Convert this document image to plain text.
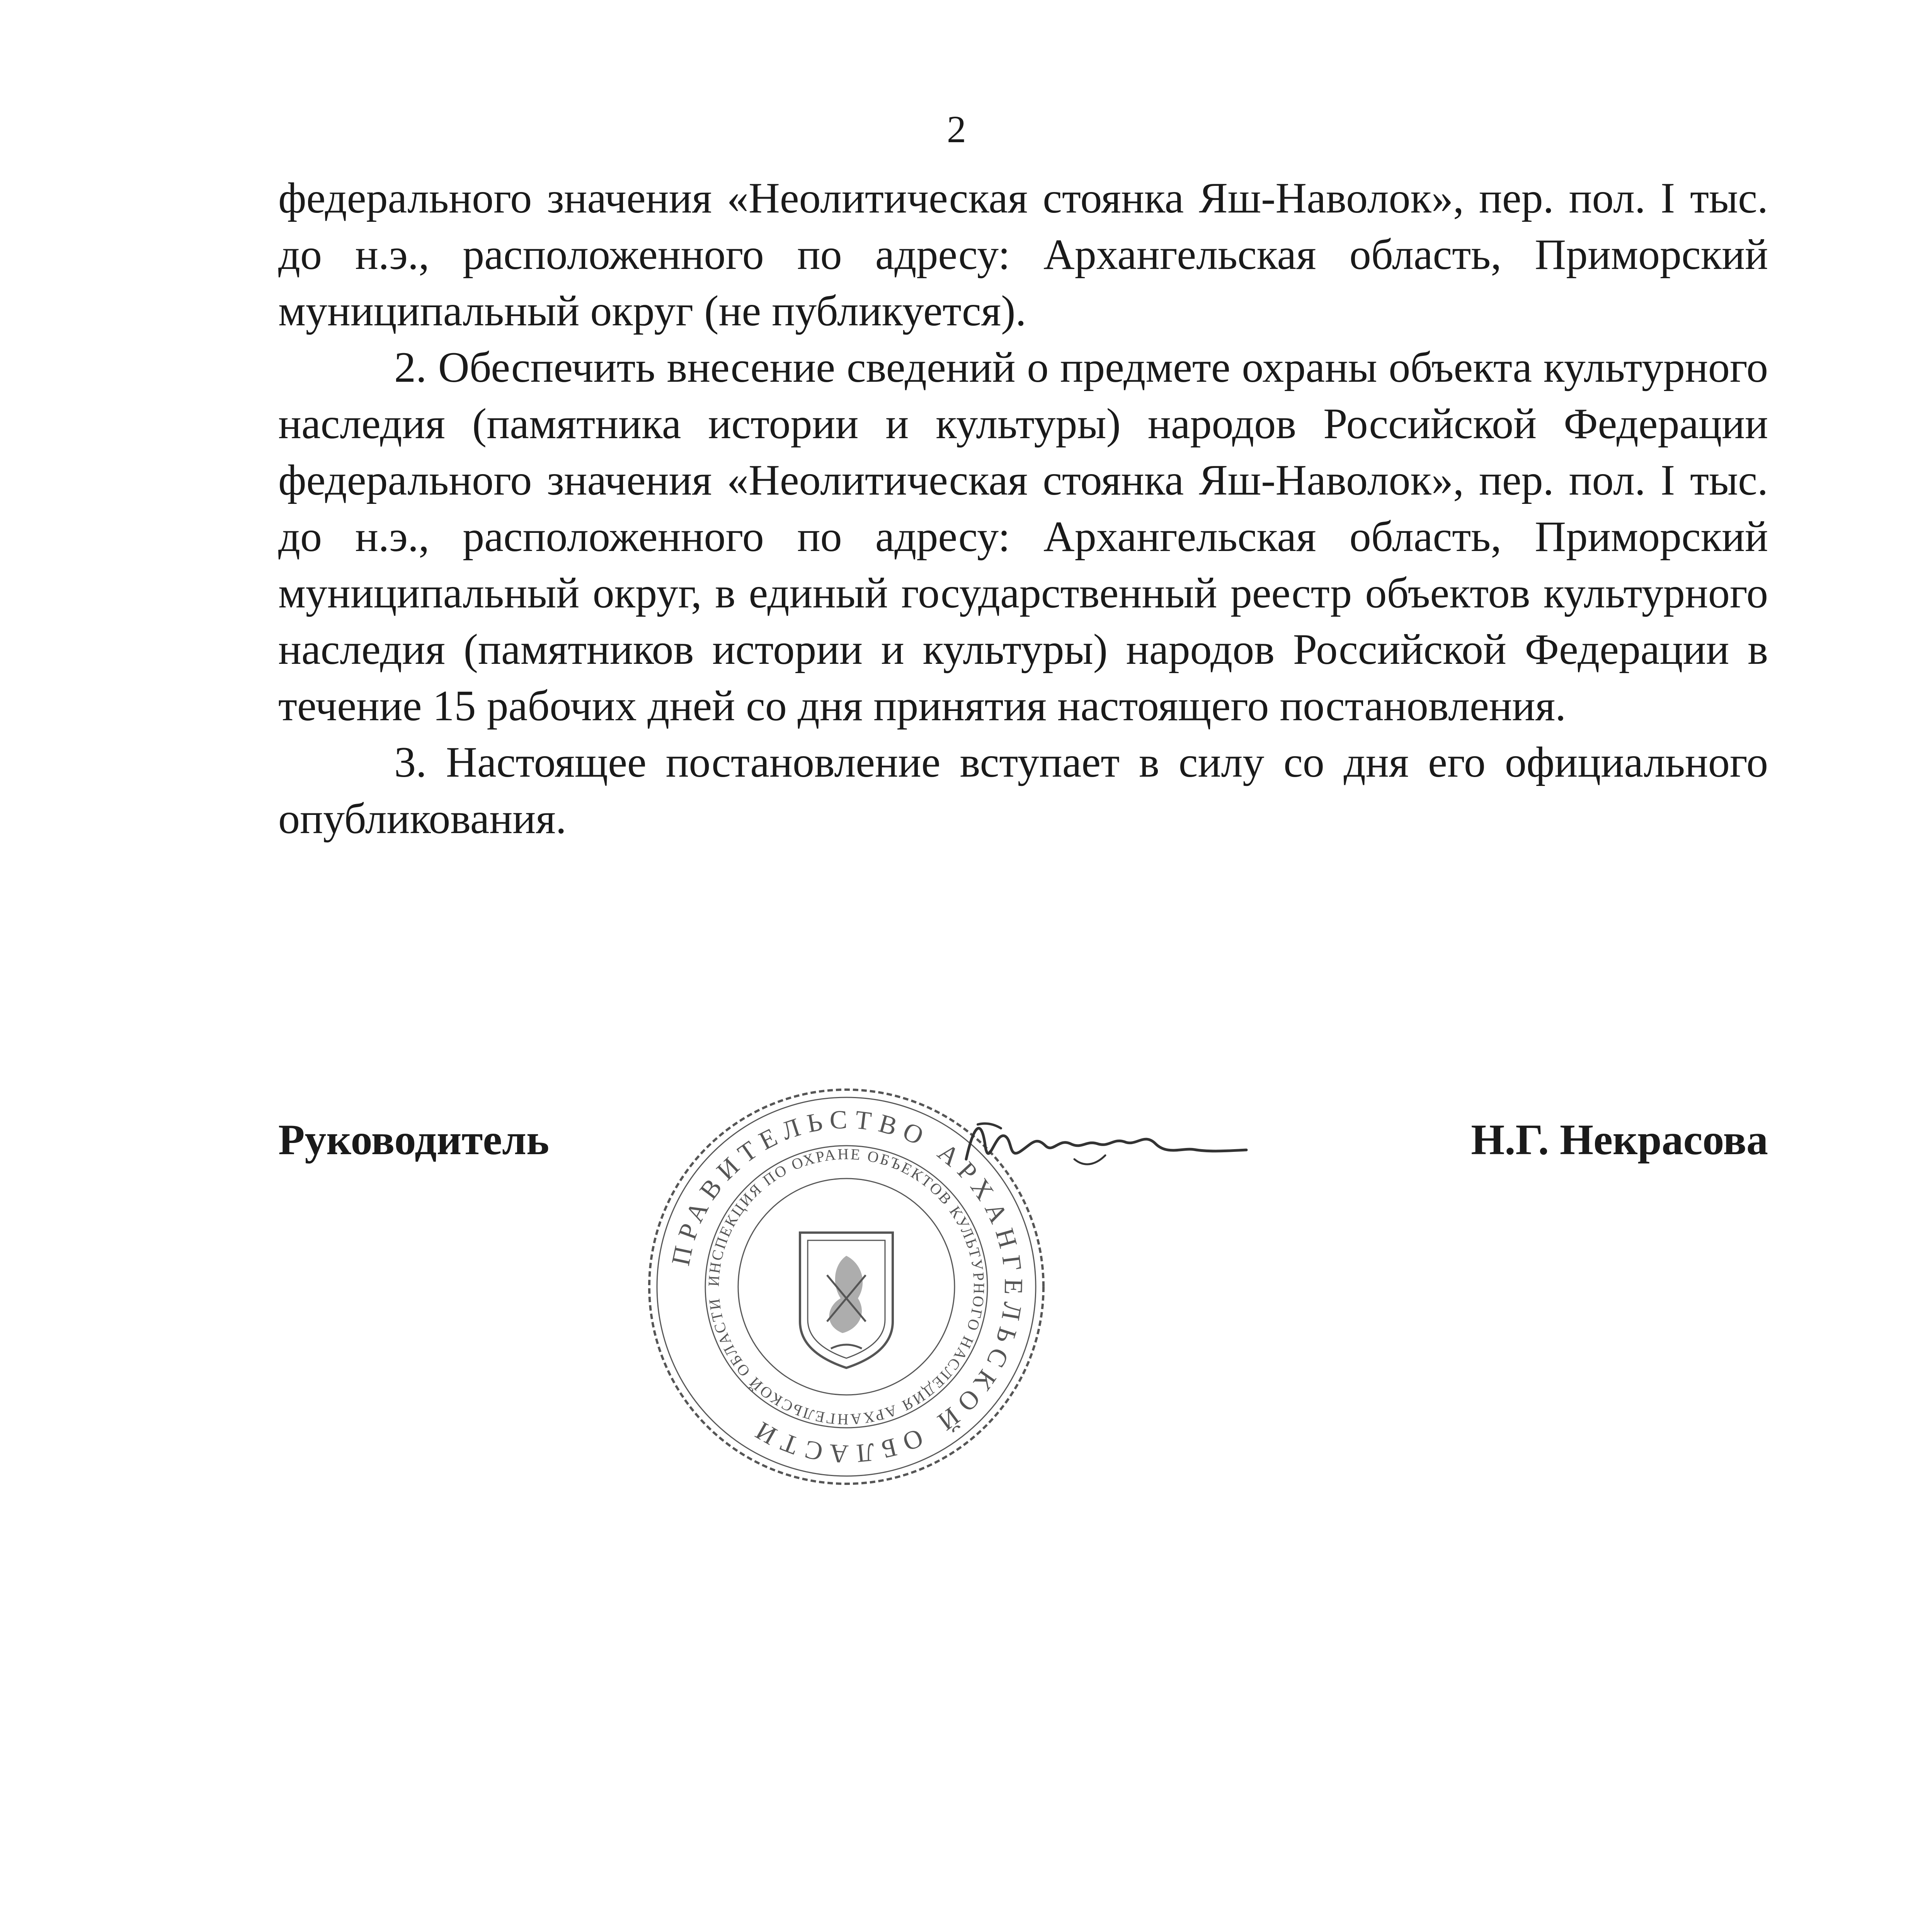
2

федерального значения «Неолитическая стоянка Яш-Наволок», пер. пол. I тыс. до н.э., расположенного по адресу: Архангельская область, Приморский муниципальный округ (не публикуется).

2. Обеспечить внесение сведений о предмете охраны объекта культурного наследия (памятника истории и культуры) народов Российской Федерации федерального значения «Неолитическая стоянка Яш-Наволок», пер. пол. I тыс. до н.э., расположенного по адресу: Архангельская область, Приморский муниципальный округ, в единый государственный реестр объектов культурного наследия (памятников истории и культуры) народов Российской Федерации в течение 15 рабочих дней со дня принятия настоящего постановления.

3. Настоящее постановление вступает в силу со дня его официального опубликования.

Руководитель	Н.Г. Некрасова
ПРАВИТЕЛЬСТВО АРХАНГЕЛЬСКОЙ ОБЛАСТИ
ИНСПЕКЦИЯ ПО ОХРАНЕ ОБЪЕКТОВ КУЛЬТУРНОГО НАСЛЕДИЯ АРХАНГЕЛЬСКОЙ ОБЛАСТИ
